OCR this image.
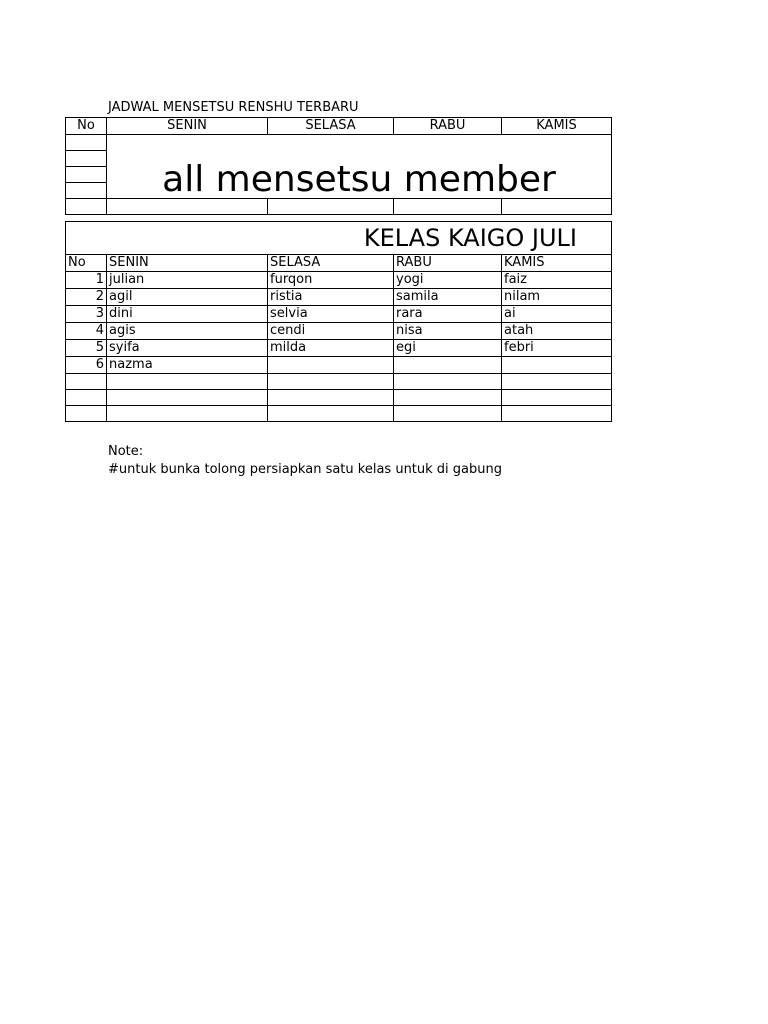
JADWAL MENSETSU RENSHU TERBARU
No	SENIN	SELASA	RABU	KAMIS
	all mensetsu member			

KELAS KAIGO JULI				
No	SENIN	SELASA	RABU	KAMIS
1	julian	furqon	yogi	faiz
2	agil	ristia	samila	nilam
3	dini	selvia	rara	ai
4	agis	cendi	nisa	atah
5	syifa	milda	egi	febri
6	nazma			

Note:
#untuk bunka tolong persiapkan satu kelas untuk di gabung
